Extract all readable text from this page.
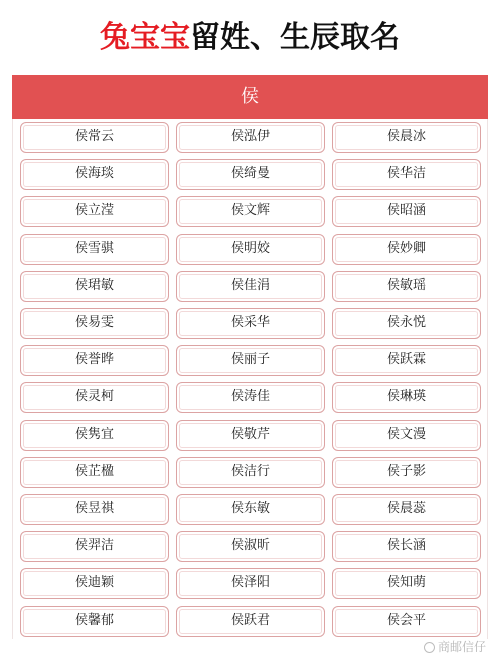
兔宝宝留姓、生辰取名
侯
侯常云	侯泓伊	侯晨冰
侯海琰	侯绮曼	侯华洁
侯立滢	侯文辉	侯昭涵
侯雪骐	侯明姣	侯妙卿
侯珺敏	侯佳涓	侯敏瑶
侯易雯	侯采华	侯永悦
侯誉晔	侯丽子	侯跃霖
侯灵柯	侯涛佳	侯琳瑛
侯隽宜	侯敬芹	侯文漫
侯芷楹	侯洁行	侯子影
侯昱祺	侯东敏	侯晨蕊
侯羿洁	侯淑昕	侯长涵
侯迪颖	侯泽阳	侯知萌
侯馨郁	侯跃君	侯会平
商邮信仔
